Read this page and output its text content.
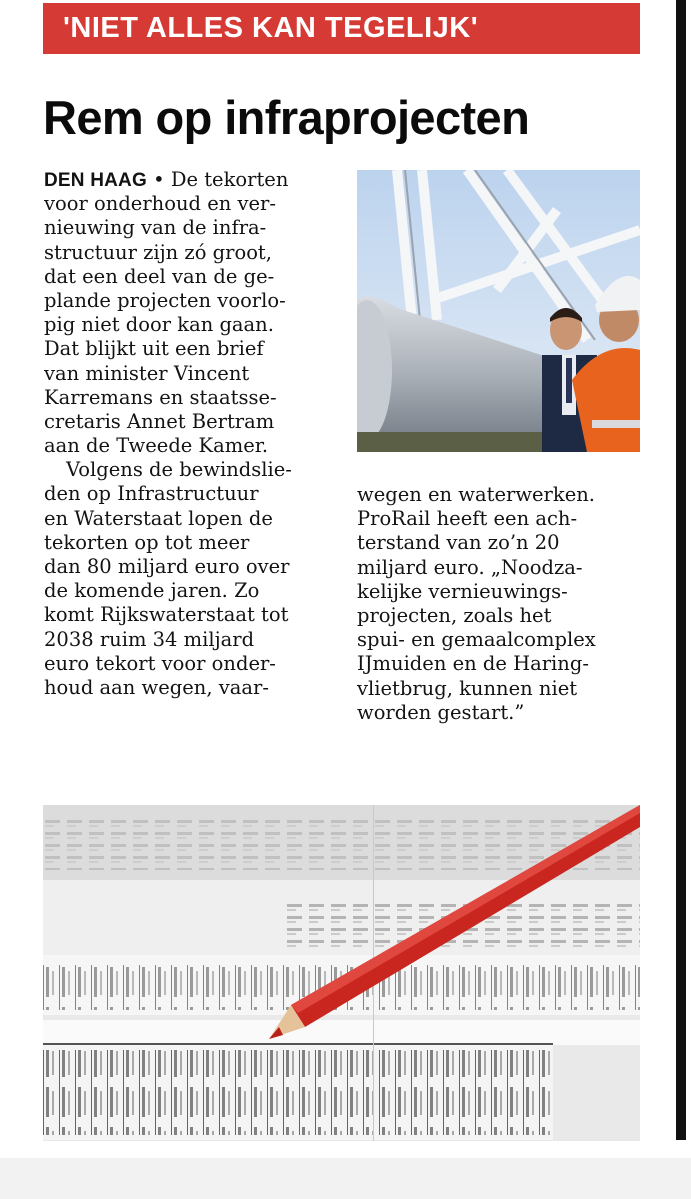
'NIET ALLES KAN TEGELIJK'
Rem op infraprojecten
DEN HAAG • De tekorten
voor onderhoud en ver-
nieuwing van de infra-
structuur zijn zó groot,
dat een deel van de ge-
plande projecten voorlo-
pig niet door kan gaan.
Dat blijkt uit een brief
van minister Vincent
Karremans en staatsse-
cretaris Annet Bertram
aan de Tweede Kamer.
Volgens de bewindslie-
den op Infrastructuur
en Waterstaat lopen de
tekorten op tot meer
dan 80 miljard euro over
de komende jaren. Zo
komt Rijkswaterstaat tot
2038 ruim 34 miljard
euro tekort voor onder-
houd aan wegen, vaar-
wegen en waterwerken.
ProRail heeft een ach-
terstand van zo’n 20
miljard euro. „Noodza-
kelijke vernieuwings-
projecten, zoals het
spui- en gemaalcomplex
IJmuiden en de Haring-
vlietbrug, kunnen niet
worden gestart.”
